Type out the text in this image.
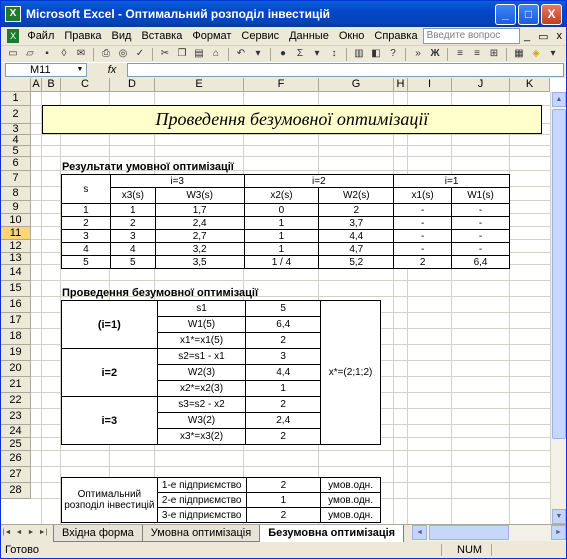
X Microsoft Excel - Оптимальний розподіл інвестицій	_	□	X
X	Файл Правка Вид Вставка Формат Сервис Данные Окно Справка Введите вопрос	_ ▭ x
▭ ▱	▪	◊	✉	⎙ ◎ ✓	✂ ❐ ▤ ⌂	↶	▾	●	Σ	▾	↕	▥ ◧ ?	» Ж	≡	≡ ⊞	▦ ◈	▾
M11	▼	fx
Проведення безумовної оптимізації
Результати умовної оптимізації
s	i=3		i=2		i=1	
	x3(s)	W3(s)	x2(s)	W2(s)	x1(s)	W1(s)
1	1	1,7	0	2	-	-
2	2	2,4	1	3,7	-	-
3	3	2,7	1	4,4	-	-
4	4	3,2	1	4,7	-	-
5	5	3,5	1 / 4	5,2	2	6,4
Проведення безумовної оптимізації
(i=1)	s1	5	x*=(2;1;2)
	W1(5)	6,4	
	x1*=x1(5)	2	
i=2	s2=s1 - x1	3	
	W2(3)	4,4	
	x2*=x2(3)	1	
i=3	s3=s2 - x2	2	
	W3(2)	2,4	
	x3*=x3(2)	2	
Оптимальний розподіл інвестицій	1-е підприємство	2	умов.одн.
	2-е підприємство	1	умов.одн.
	3-е підприємство	2	умов.одн.
▲
▼
A B	C	D	E	F	G	H	I	J	K
1
2
3
4
5
6
7
8
9
10
11
12
13
14
15
16
17
18
19
20
21
22
23
24
25
26
27
28
|◄ ◄ ► ►|	Вхідна форма	Умовна оптимізація	Безумовна оптимізація	◄	►
Готово	NUM
